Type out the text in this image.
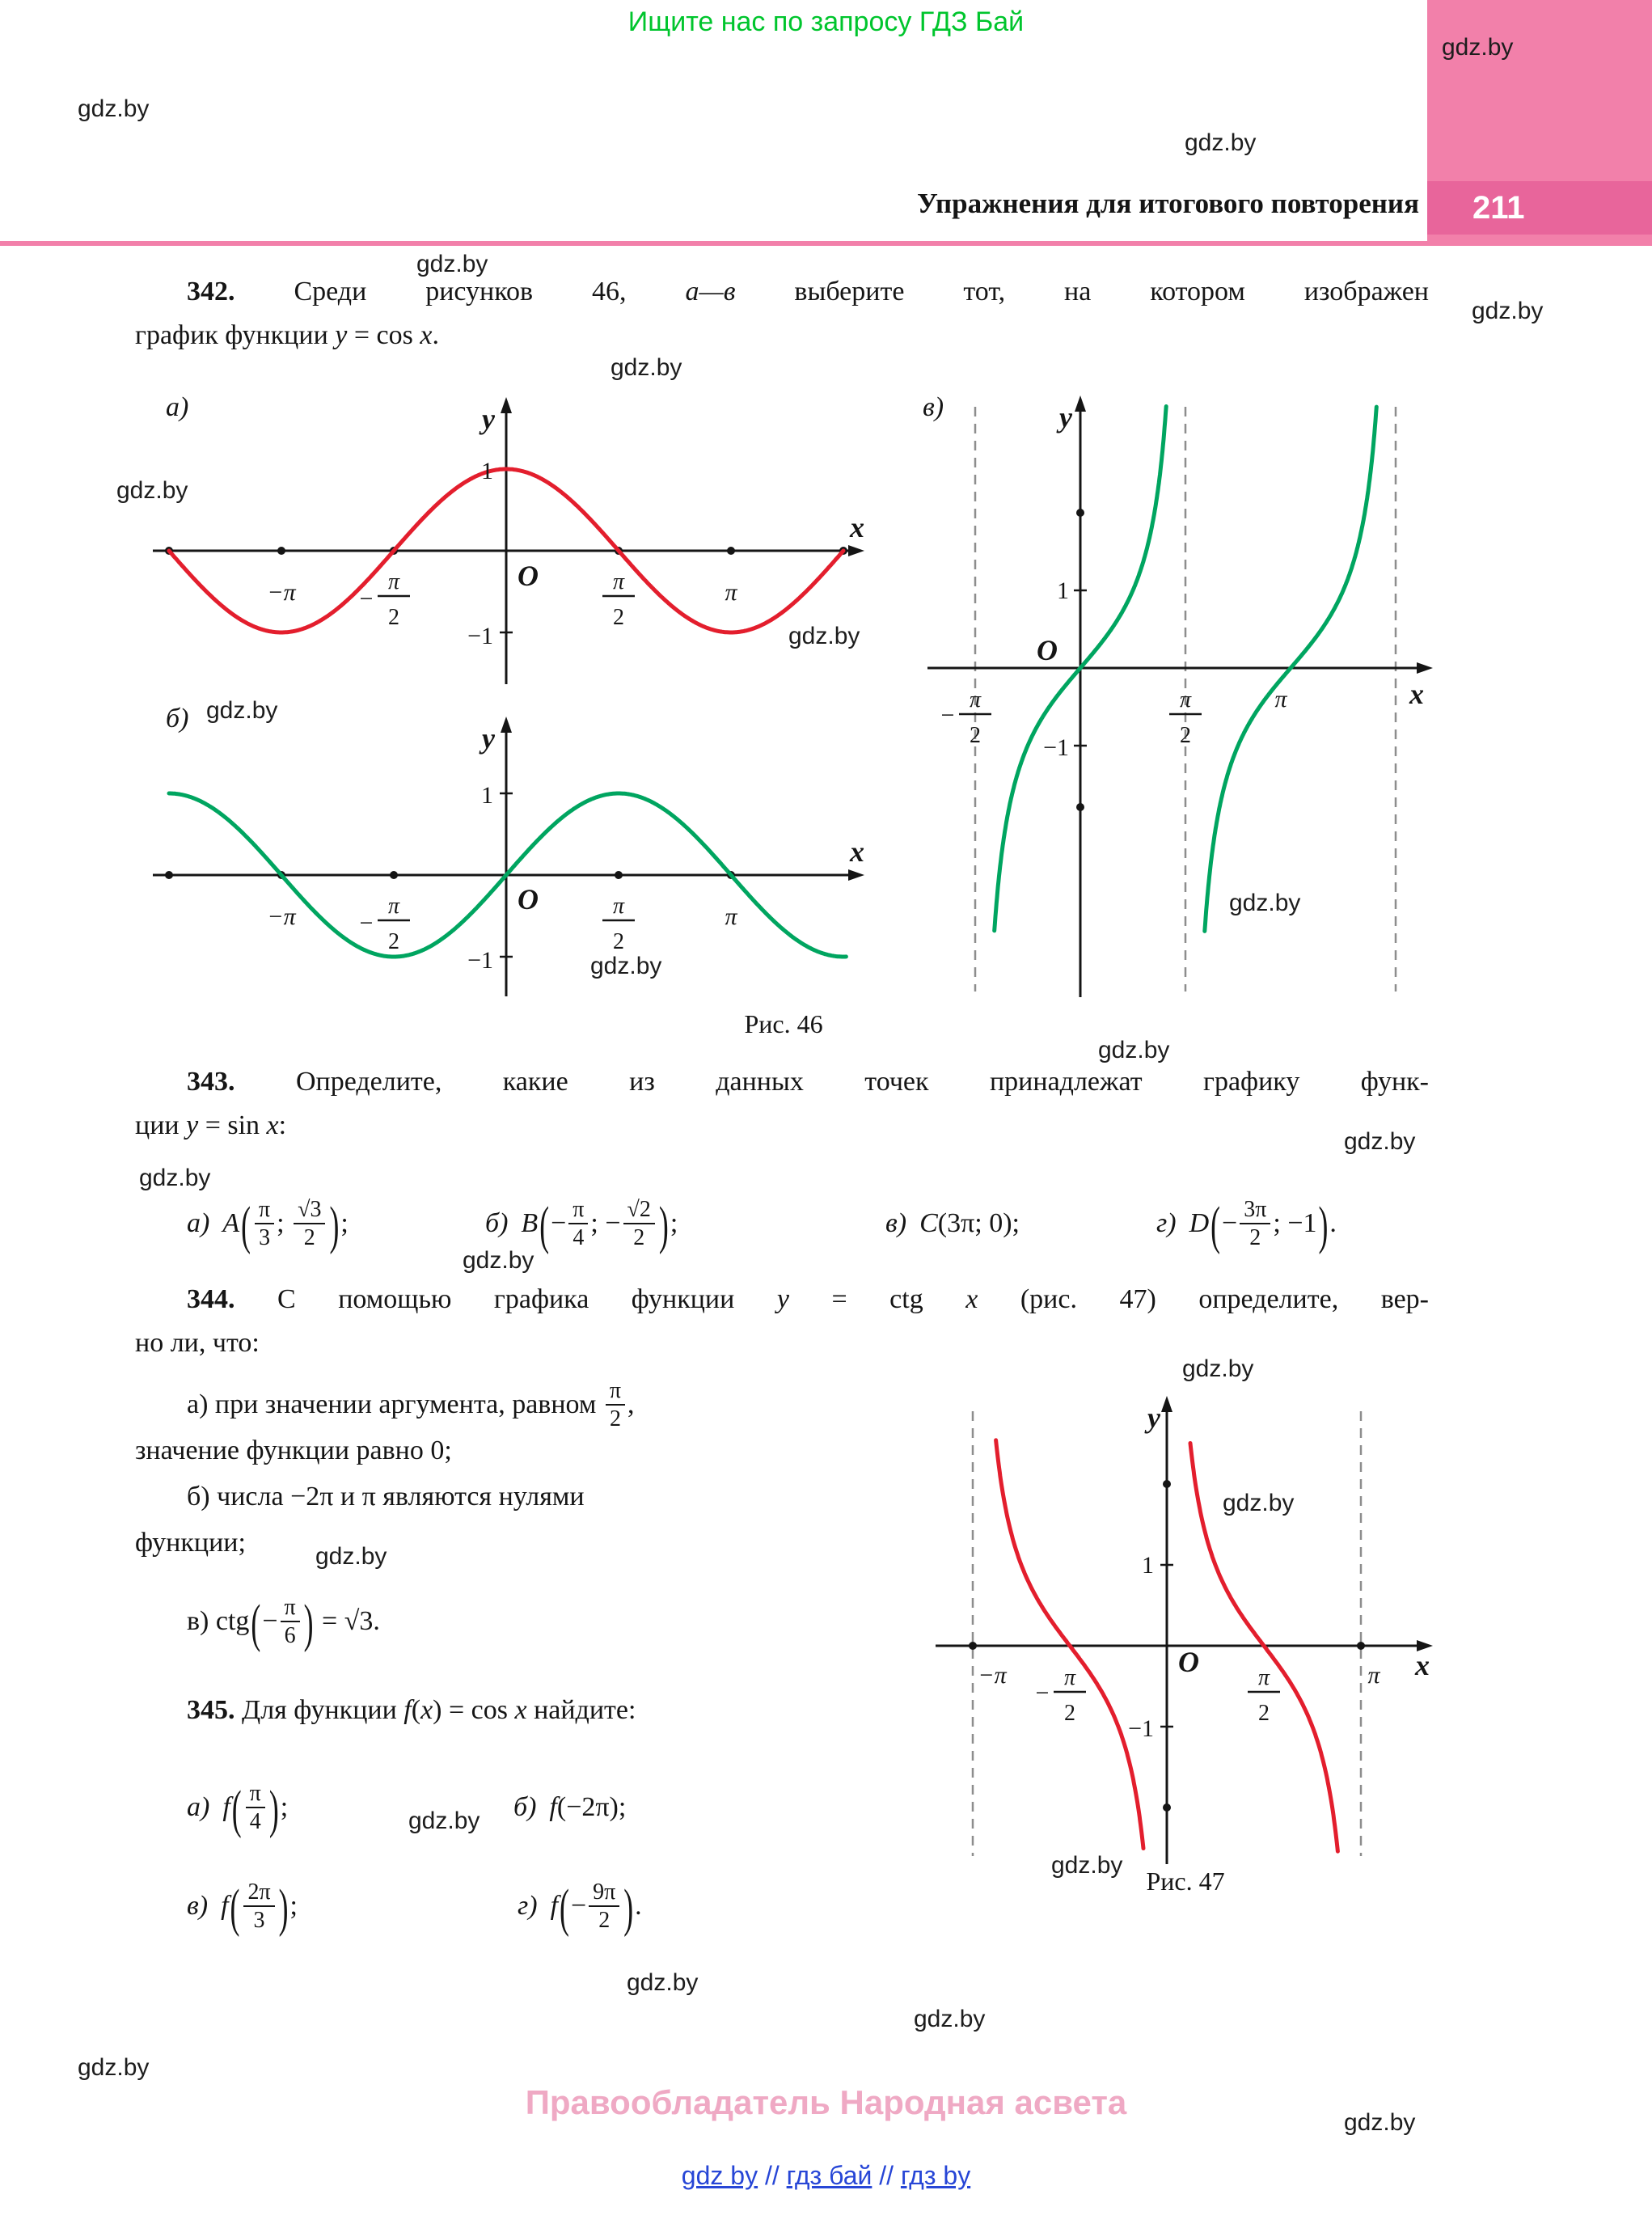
Ищите нас по запросу ГДЗ Бай
211
Упражнения для итогового повторения
gdz.by
gdz.by
gdz.by
gdz.by
gdz.by
gdz.by
gdz.by
gdz.by
gdz.by
gdz.by
gdz.by
gdz.by
gdz.by
gdz.by
gdz.by
gdz.by
gdz.by
gdz.by
gdz.by
gdz.by
gdz.by
gdz.by
gdz.by
gdz.by

342. Среди рисунков 46, а—в выберите тот, на котором изображен
график функции y = cos x.

а)	y
x
O
1
−1
−π	π
−
π
2
π
2
б)
y
x
O
1
−1
−π	π
−
π
2
π
2
в)	y
x
O
1
−1
−
π
2
π
2
π
Рис. 46

343. Определите, какие из данных точек принадлежат графику функ-
ции y = sin x:

а) $A( \frac{\pi}{3}$ ; $\frac{√3}{2}$ );	б) $B(- \frac{\pi}{4}$ ; − $\frac{√2}{2}$ );	в) C(3π; 0);	г) $D(- \frac{3\pi}{2}$ ; −1).

344. С помощью графика функции y = ctg x (рис. 47) определите, вер-
но ли, что:

а) при значении аргумента, равном $\frac{\pi}{2}$ ,
значение функции равно 0;
б) числа −2π и π являются нулями
функции;
в) $ctg(- \frac{\pi}{6}$ ) = √3.
y
x
O
1
−1
−π	π
−
π
2
π
2
Рис. 47

345. Для функции f(x) = cos x найдите:

а) $f( \frac{\pi}{4}$ );	б) f(−2π);
в) $f( \frac{2\pi}{3}$ );	г) $f(- \frac{9\pi}{2}$ ).
Правообладатель Народная асвета
gdz by // гдз бай // гдз by
